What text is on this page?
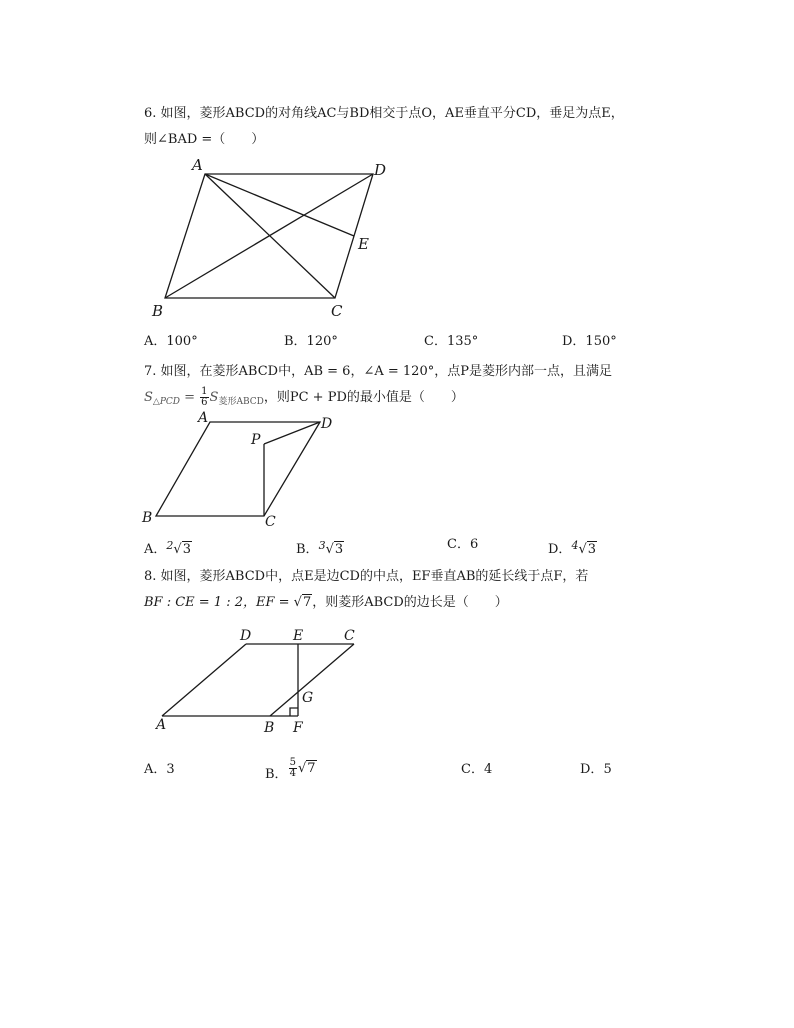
6. 如图，菱形ABCD的对角线AC与BD相交于点O，AE垂直平分CD，垂足为点E，
则∠BAD =（　　）
A	D
E
B	C
A．100°	B．120°	C．135°	D．150°
7. 如图，在菱形ABCD中，AB = 6，∠A = 120°，点P是菱形内部一点，且满足
$S_{\triangle PCD} = \frac{1}{6} S_{菱形ABCD}$，则PC + PD的最小值是（　　）
A	D
P
B	C
A．$^2$√3	B．$^3$√3	C．6	D．$^4$√3
8. 如图，菱形ABCD中，点E是边CD的中点，EF垂直AB的延长线于点F，若
BF : CE = 1 : 2，EF = √7，则菱形ABCD的边长是（　　）
D	E	C
G
A	B F
A．3	B． $\frac{5}{4} √7$	C．4	D．5
